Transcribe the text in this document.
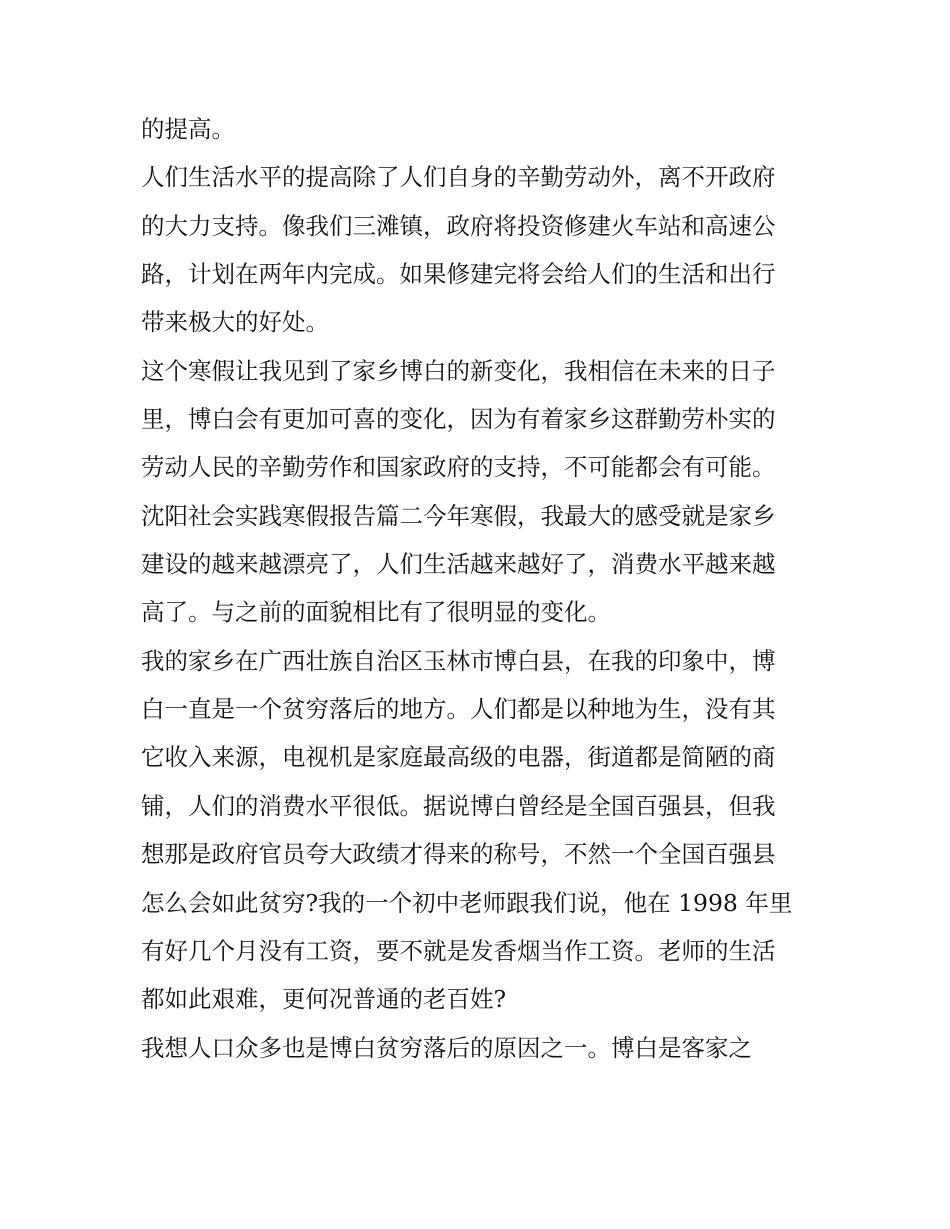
的提高。
人们生活水平的提高除了人们自身的辛勤劳动外，离不开政府
的大力支持。像我们三滩镇，政府将投资修建火车站和高速公
路，计划在两年内完成。如果修建完将会给人们的生活和出行
带来极大的好处。
这个寒假让我见到了家乡博白的新变化，我相信在未来的日子
里，博白会有更加可喜的变化，因为有着家乡这群勤劳朴实的
劳动人民的辛勤劳作和国家政府的支持，不可能都会有可能。
沈阳社会实践寒假报告篇二今年寒假，我最大的感受就是家乡
建设的越来越漂亮了，人们生活越来越好了，消费水平越来越
高了。与之前的面貌相比有了很明显的变化。
我的家乡在广西壮族自治区玉林市博白县，在我的印象中，博
白一直是一个贫穷落后的地方。人们都是以种地为生，没有其
它收入来源，电视机是家庭最高级的电器，街道都是简陋的商
铺，人们的消费水平很低。据说博白曾经是全国百强县，但我
想那是政府官员夸大政绩才得来的称号，不然一个全国百强县
怎么会如此贫穷?我的一个初中老师跟我们说，他在 1998 年里
有好几个月没有工资，要不就是发香烟当作工资。老师的生活
都如此艰难，更何况普通的老百姓?
我想人口众多也是博白贫穷落后的原因之一。博白是客家之
